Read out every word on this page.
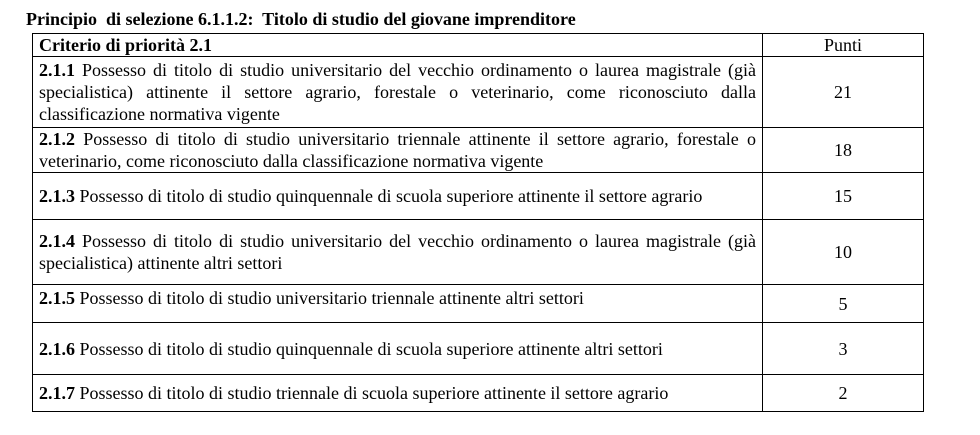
Principio  di selezione 6.1.1.2:  Titolo di studio del giovane imprenditore
Criterio di priorità 2.1	Punti
2.1.1 Possesso di titolo di studio universitario del vecchio ordinamento o laurea magistrale (già specialistica) attinente il settore agrario, forestale o veterinario, come riconosciuto dalla classificazione normativa vigente	21
2.1.2 Possesso di titolo di studio universitario triennale attinente il settore agrario, forestale o veterinario, come riconosciuto dalla classificazione normativa vigente	18
2.1.3 Possesso di titolo di studio quinquennale di scuola superiore attinente il settore agrario	15
2.1.4 Possesso di titolo di studio universitario del vecchio ordinamento o laurea magistrale (già specialistica) attinente altri settori	10
2.1.5 Possesso di titolo di studio universitario triennale attinente altri settori	5
2.1.6 Possesso di titolo di studio quinquennale di scuola superiore attinente altri settori	3
2.1.7 Possesso di titolo di studio triennale di scuola superiore attinente il settore agrario	2
